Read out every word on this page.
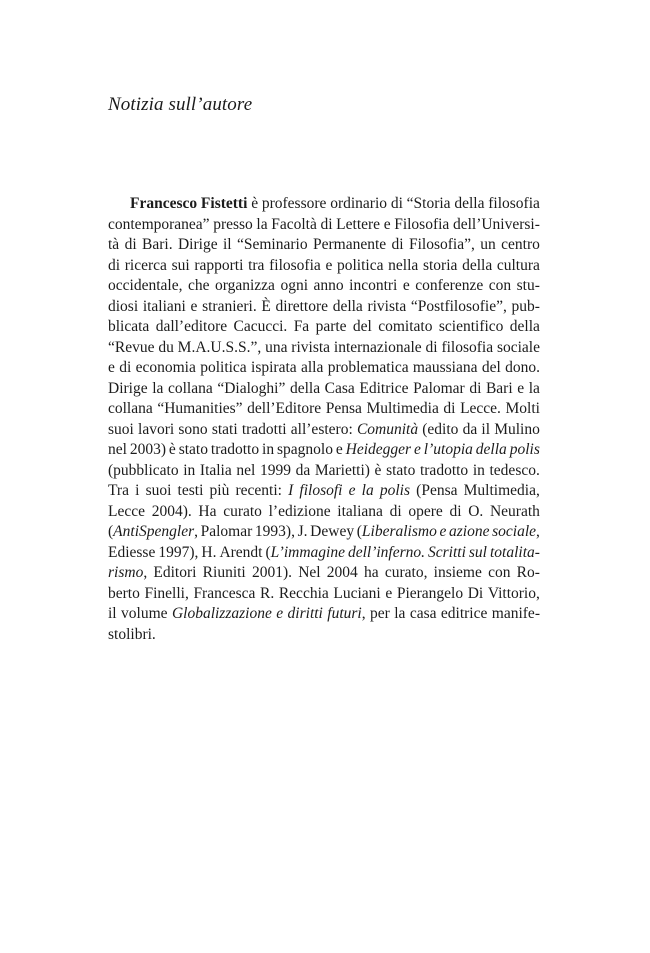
Notizia sull’autore
Francesco Fistetti è professore ordinario di “Storia della filosofia
contemporanea” presso la Facoltà di Lettere e Filosofia dell’Universi-
tà di Bari. Dirige il “Seminario Permanente di Filosofia”, un centro
di ricerca sui rapporti tra filosofia e politica nella storia della cultura
occidentale, che organizza ogni anno incontri e conferenze con stu-
diosi italiani e stranieri. È direttore della rivista “Postfilosofie”, pub-
blicata dall’editore Cacucci. Fa parte del comitato scientifico della
“Revue du M.A.U.S.S.”, una rivista internazionale di filosofia sociale
e di economia politica ispirata alla problematica maussiana del dono.
Dirige la collana “Dialoghi” della Casa Editrice Palomar di Bari e la
collana “Humanities” dell’Editore Pensa Multimedia di Lecce. Molti
suoi lavori sono stati tradotti all’estero: Comunità (edito da il Mulino
nel 2003) è stato tradotto in spagnolo e Heidegger e l’utopia della polis
(pubblicato in Italia nel 1999 da Marietti) è stato tradotto in tedesco.
Tra i suoi testi più recenti: I filosofi e la polis (Pensa Multimedia,
Lecce 2004). Ha curato l’edizione italiana di opere di O. Neurath
(AntiSpengler, Palomar 1993), J. Dewey (Liberalismo e azione sociale,
Ediesse 1997), H. Arendt (L’immagine dell’inferno. Scritti sul totalita-
rismo, Editori Riuniti 2001). Nel 2004 ha curato, insieme con Ro-
berto Finelli, Francesca R. Recchia Luciani e Pierangelo Di Vittorio,
il volume Globalizzazione e diritti futuri, per la casa editrice manife-
stolibri.
